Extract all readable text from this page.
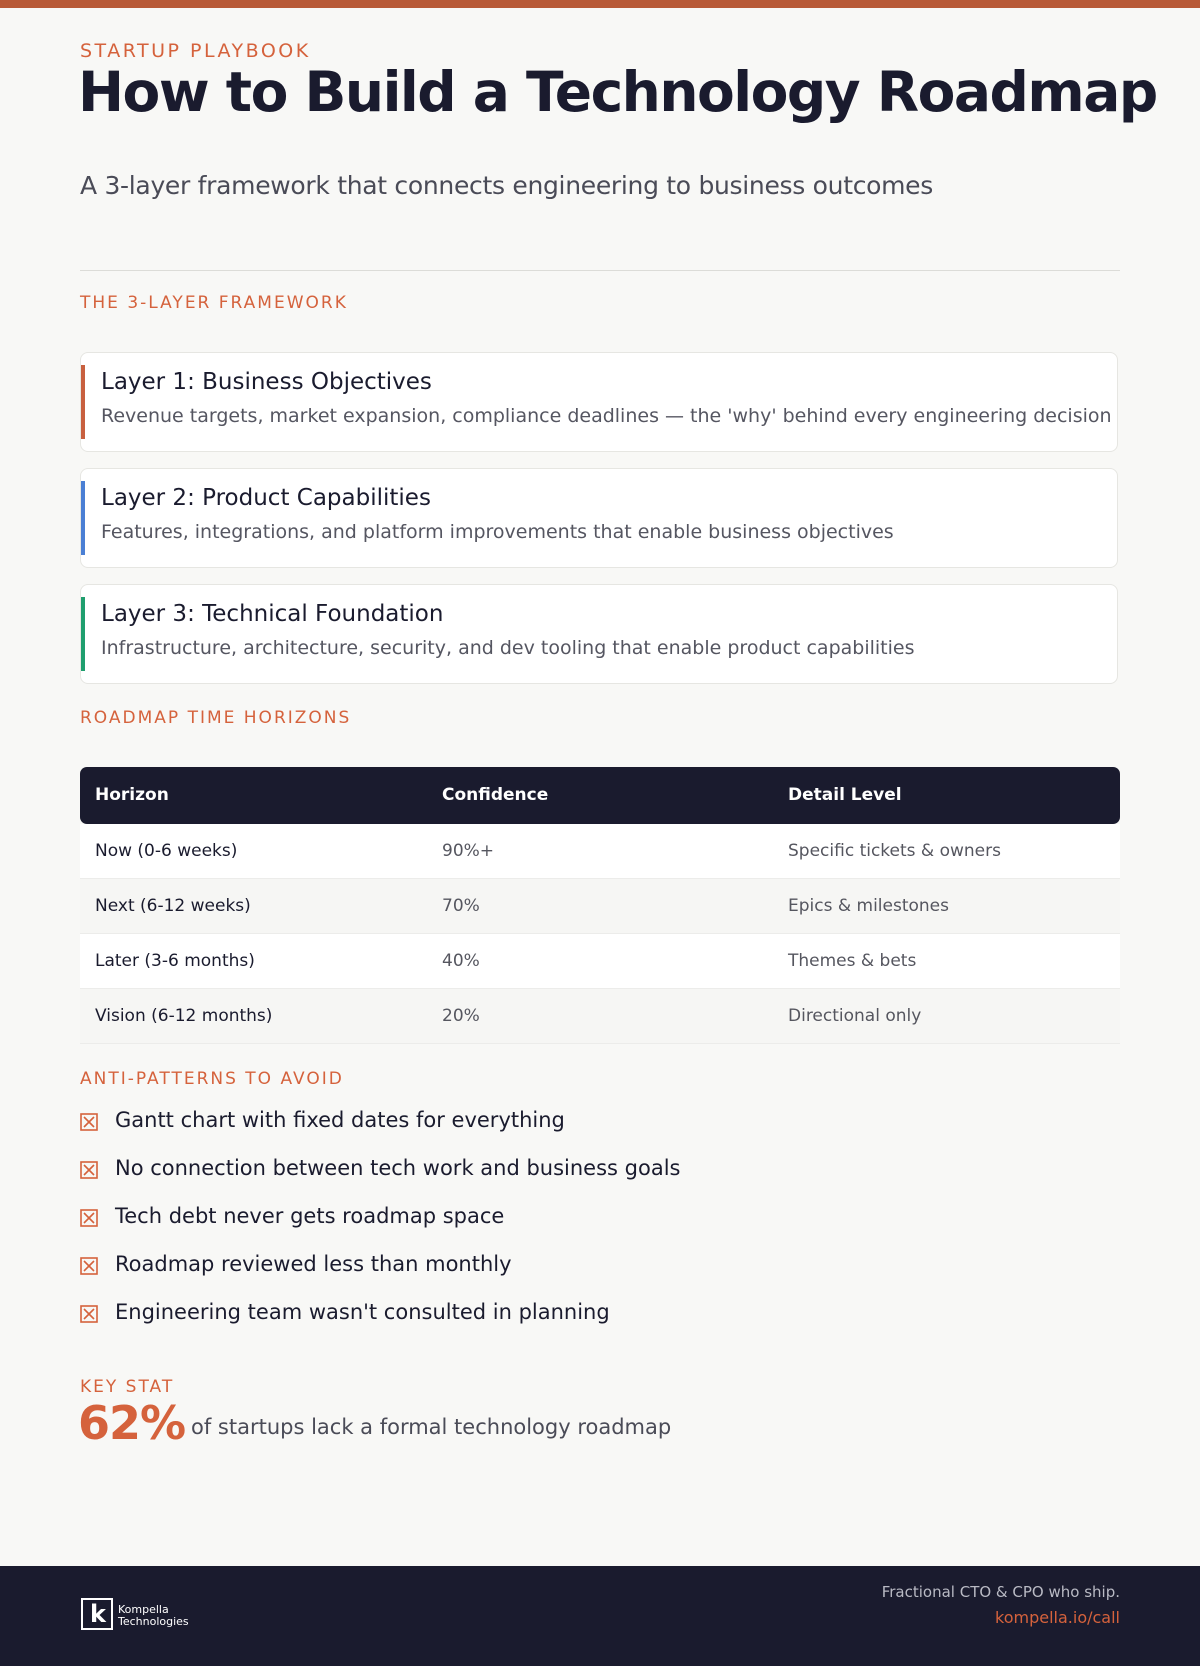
STARTUP PLAYBOOK
How to Build a Technology Roadmap
A 3-layer framework that connects engineering to business outcomes
THE 3-LAYER FRAMEWORK
Layer 1: Business Objectives
Revenue targets, market expansion, compliance deadlines — the 'why' behind every engineering decision
Layer 2: Product Capabilities
Features, integrations, and platform improvements that enable business objectives
Layer 3: Technical Foundation
Infrastructure, architecture, security, and dev tooling that enable product capabilities
ROADMAP TIME HORIZONS
Horizon	Confidence	Detail Level
Now (0-6 weeks)	90%+	Specific tickets & owners
Next (6-12 weeks)	70%	Epics & milestones
Later (3-6 months)	40%	Themes & bets
Vision (6-12 months)	20%	Directional only
ANTI-PATTERNS TO AVOID
Gantt chart with fixed dates for everything
No connection between tech work and business goals
Tech debt never gets roadmap space
Roadmap reviewed less than monthly
Engineering team wasn't consulted in planning
KEY STAT
62% of startups lack a formal technology roadmap
k Kompella
Technologies
Fractional CTO & CPO who ship.
kompella.io/call
